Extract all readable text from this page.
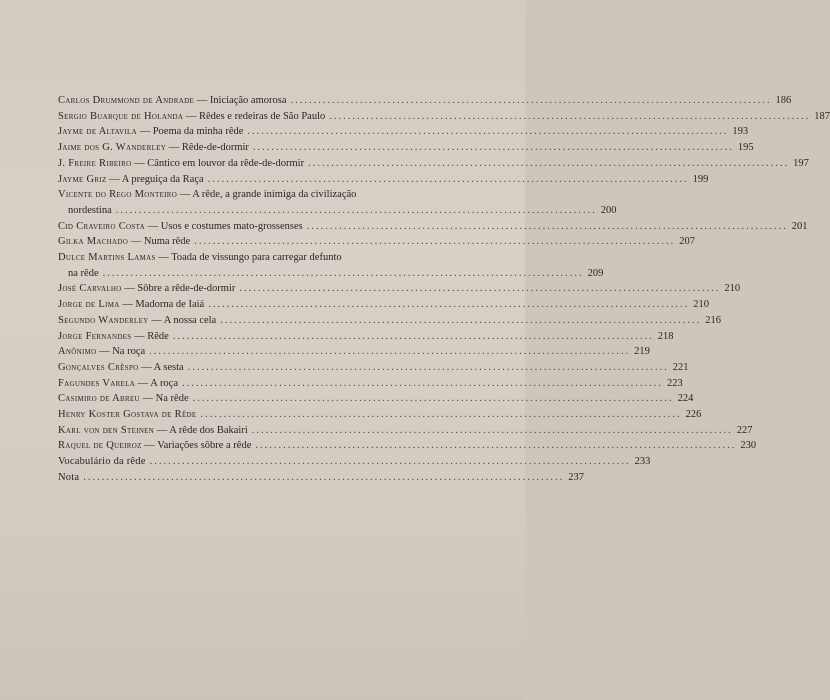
Carlos Drummond de Andrade — Iniciação amorosa ........................................................................................................ 186
Sergio Buarque de Holanda — Rêdes e redeiras de São Paulo ........................................................................................................ 187
Jayme de Altavila — Poema da minha rêde ........................................................................................................ 193
Jaime dos G. Wanderley — Rêde-de-dormir ........................................................................................................ 195
J. Freire Ribeiro — Cântico em louvor da rêde-de-dormir ........................................................................................................ 197
Jayme Griz — A preguiça da Raça ........................................................................................................ 199
Vicente do Rego Monteiro — A rêde, a grande inimiga da civilização
nordestina ........................................................................................................ 200
Cid Craveiro Costa — Usos e costumes mato-grossenses ........................................................................................................ 201
Gilka Machado — Numa rêde ........................................................................................................ 207
Dulce Martins Lamas — Toada de vissungo para carregar defunto
na rêde ........................................................................................................ 209
José Carvalho — Sôbre a rêde-de-dormir ........................................................................................................ 210
Jorge de Lima — Madorna de Iaiá ........................................................................................................ 210
Segundo Wanderley — A nossa cela ........................................................................................................ 216
Jorge Fernandes — Rêde ........................................................................................................ 218
Anônimo — Na roça ........................................................................................................ 219
Gonçalves Crêspo — A sesta ........................................................................................................ 221
Fagundes Varela — A roça ........................................................................................................ 223
Casimiro de Abreu — Na rêde ........................................................................................................ 224
Henry Koster Gostava de Rêde ........................................................................................................ 226
Karl von den Steinen — A rêde dos Bakairi ........................................................................................................ 227
Raquel de Queiroz — Variações sôbre a rêde ........................................................................................................ 230
Vocabulário da rêde ........................................................................................................ 233
Nota ........................................................................................................ 237
